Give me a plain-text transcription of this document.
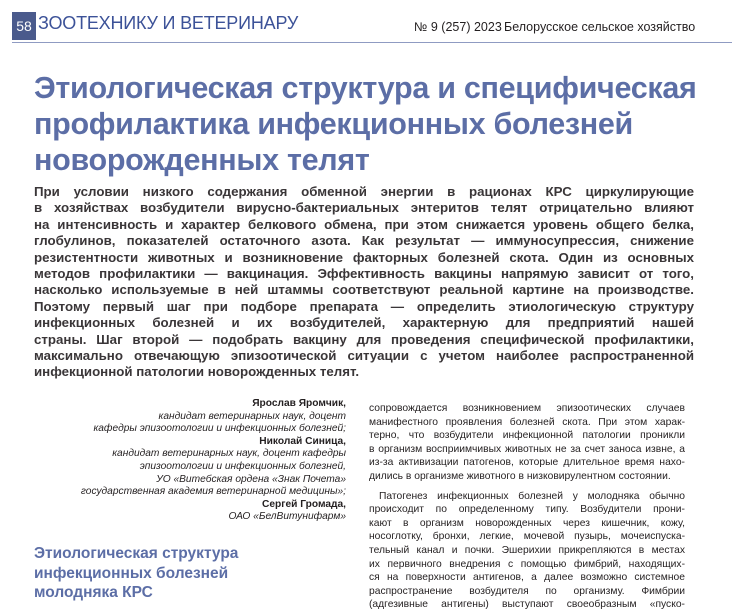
58 ЗООТЕХНИКУ И ВЕТЕРИНАРУ	№ 9 (257) 2023 Белорусское сельское хозяйство
Этиологическая структура и специфическая
профилактика инфекционных болезней
новорожденных телят
При условии низкого содержания обменной энергии в рационах КРС циркулирующие
в хозяйствах возбудители вирусно-бактериальных энтеритов телят отрицательно влияют
на интенсивность и характер белкового обмена, при этом снижается уровень общего белка,
глобулинов, показателей остаточного азота. Как результат — иммуносупрессия, снижение
резистентности животных и возникновение факторных болезней скота. Один из основных
методов профилактики — вакцинация. Эффективность вакцины напрямую зависит от того,
насколько используемые в ней штаммы соответствуют реальной картине на производстве.
Поэтому первый шаг при подборе препарата — определить этиологическую структуру
инфекционных болезней и их возбудителей, характерную для предприятий нашей
страны. Шаг второй — подобрать вакцину для проведения специфической профилактики,
максимально отвечающую эпизоотической ситуации с учетом наиболее распространенной
инфекционной патологии новорожденных телят.
Ярослав Яромчик,
кандидат ветеринарных наук, доцент
кафедры эпизоотологии и инфекционных болезней;
Николай Синица,
кандидат ветеринарных наук, доцент кафедры
эпизоотологии и инфекционных болезней,
УО «Витебская ордена «Знак Почета»
государственная академия ветеринарной медицины»;
Сергей Громада,
ОАО «БелВитунифарм»
Этиологическая структура
инфекционных болезней
молодняка КРС
сопровождается возникновением эпизоотических случаев
манифестного проявления болезней скота. При этом харак-
терно, что возбудители инфекционной патологии проникли
в организм восприимчивых животных не за счет заноса извне, а
из-за активизации патогенов, которые длительное время нахо-
дились в организме животного в низковирулентном состоянии.
Патогенез инфекционных болезней у молодняка обычно
происходит по определенному типу. Возбудители прони-
кают в организм новорожденных через кишечник, кожу,
носоглотку, бронхи, легкие, мочевой пузырь, мочеиспуска-
тельный канал и почки. Эшерихии прикрепляются в местах
их первичного внедрения с помощью фимбрий, находящих-
ся на поверхности антигенов, а далее возможно системное
распространение возбудителя по организму. Фимбрии
(адгезивные антигены) выступают своеобразным «пуско-
